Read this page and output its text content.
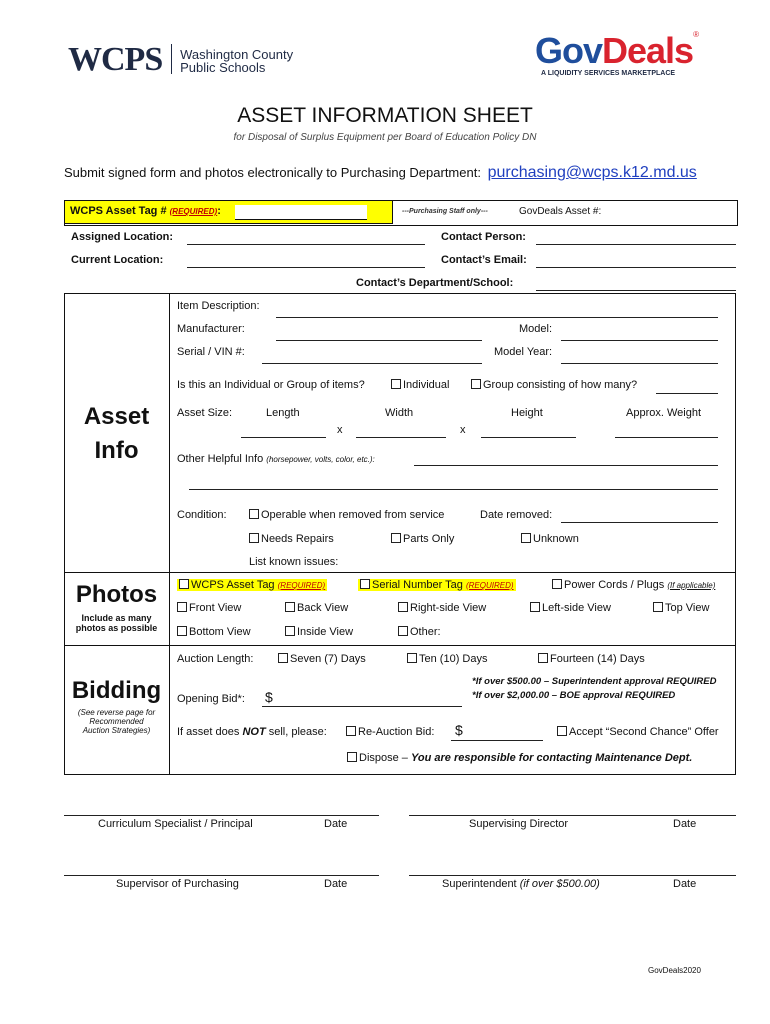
WCPS Washington County
Public Schools	GovDeals®
A LIQUIDITY SERVICES MARKETPLACE
ASSET INFORMATION SHEET
for Disposal of Surplus Equipment per Board of Education Policy DN
Submit signed form and photos electronically to Purchasing Department: purchasing@wcps.k12.md.us
WCPS Asset Tag # (REQUIRED):	---Purchasing Staff only---	GovDeals Asset #:
Assigned Location:	Contact Person:
Current Location:	Contact’s Email:
Contact’s Department/School:
Asset
Info
Photos
Include as many
photos as possible
Bidding
(See reverse page for
Recommended
Auction Strategies)
Item Description:
Manufacturer:	Model:
Serial / VIN #:	Model Year:
Is this an Individual or Group of items?	Individual	Group consisting of how many?
Asset Size:	Length	Width	Height	Approx. Weight
x	x
Other Helpful Info (horsepower, volts, color, etc.):
Condition:	Operable when removed from service	Date removed:
Needs Repairs	Parts Only	Unknown
List known issues:
WCPS Asset Tag (REQUIRED)	Serial Number Tag (REQUIRED)	Power Cords / Plugs (If applicable)
Front View	Back View	Right-side View	Left-side View	Top View
Bottom View	Inside View	Other:
Auction Length:	Seven (7) Days	Ten (10) Days	Fourteen (14) Days
*If over $500.00 – Superintendent approval REQUIRED
*If over $2,000.00 – BOE approval REQUIRED
Opening Bid*: $
If asset does NOT sell, please:	Re-Auction Bid: $	Accept “Second Chance” Offer
Dispose – You are responsible for contacting Maintenance Dept.
Curriculum Specialist / Principal	Date	Supervising Director	Date
Supervisor of Purchasing	Date	Superintendent (if over $500.00)	Date
GovDeals2020
